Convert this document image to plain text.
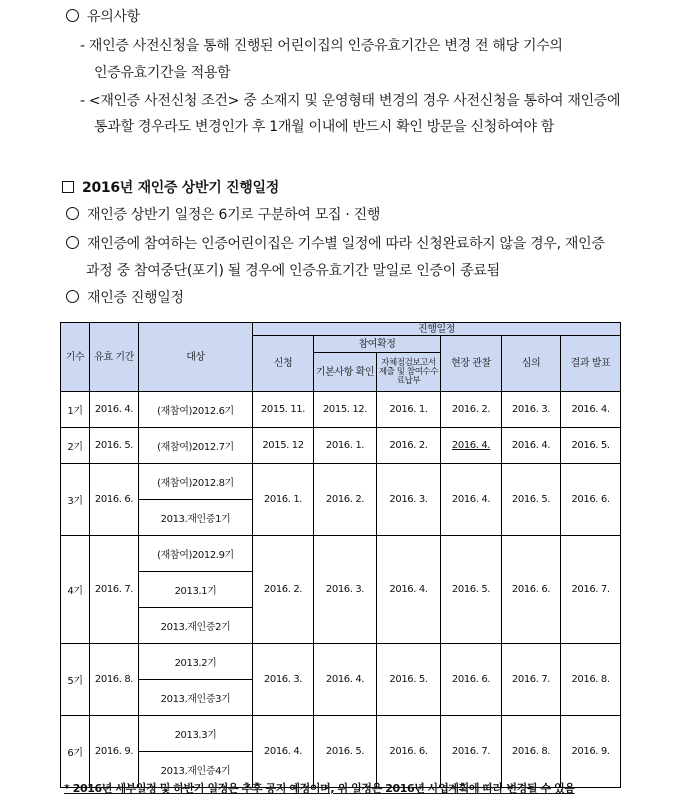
유의사항
- 재인증 사전신청을 통해 진행된 어린이집의 인증유효기간은 변경 전 해당 기수의
인증유효기간을 적용함
- <재인증 사전신청 조건> 중 소재지 및 운영형태 변경의 경우 사전신청을 통하여 재인증에
통과할 경우라도 변경인가 후 1개월 이내에 반드시 확인 방문을 신청하여야 함
2016년 재인증 상반기 진행일정
재인증 상반기 일정은 6기로 구분하여 모집 · 진행
재인증에 참여하는 인증어린이집은 기수별 일정에 따라 신청완료하지 않을 경우, 재인증
과정 중 참여중단(포기) 될 경우에 인증유효기간 말일로 인증이 종료됨
재인증 진행일정
기수	유효 기간	대상	진행일정					
			신청	참여확정		현장 관찰	심의	결과 발표
				기본사항 확인	자체점검보고서 제출 및 참여수수료납부			
1기	2016. 4.	(재참여)2012.6기	2015. 11.	2015. 12.	2016. 1.	2016. 2.	2016. 3.	2016. 4.
2기	2016. 5.	(재참여)2012.7기	2015. 12	2016. 1.	2016. 2.	2016. 4.	2016. 4.	2016. 5.
3기	2016. 6.	(재참여)2012.8기	2016. 1.	2016. 2.	2016. 3.	2016. 4.	2016. 5.	2016. 6.
		2013.재인증1기						
4기	2016. 7.	(재참여)2012.9기	2016. 2.	2016. 3.	2016. 4.	2016. 5.	2016. 6.	2016. 7.
		2013.1기						
		2013.재인증2기						
5기	2016. 8.	2013.2기	2016. 3.	2016. 4.	2016. 5.	2016. 6.	2016. 7.	2016. 8.
		2013.재인증3기						
6기	2016. 9.	2013.3기	2016. 4.	2016. 5.	2016. 6.	2016. 7.	2016. 8.	2016. 9.
		2013.재인증4기						
* 2016년 세부일정 및 하반기 일정은 추후 공지 예정이며, 위 일정은 2016년 사업계획에 따라 변경될 수 있음
